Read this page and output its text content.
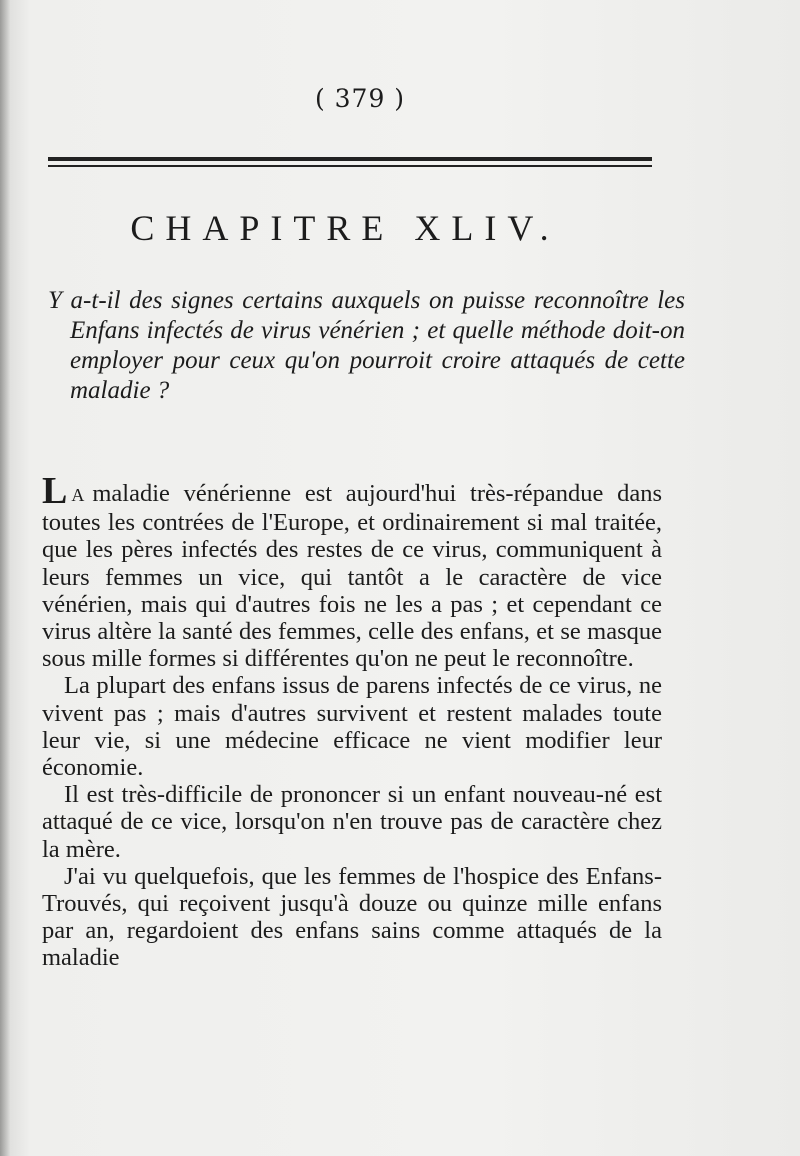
( 379 )
CHAPITRE XLIV.
Y a-t-il des signes certains auxquels on puisse reconnoître les Enfans infectés de virus vénérien ; et quelle méthode doit-on employer pour ceux qu'on pourroit croire attaqués de cette maladie ?

L A maladie vénérienne est aujourd'hui très-répandue dans toutes les contrées de l'Europe, et ordinairement si mal traitée, que les pères infectés des restes de ce virus, communiquent à leurs femmes un vice, qui tantôt a le caractère de vice vénérien, mais qui d'autres fois ne les a pas ; et cependant ce virus altère la santé des femmes, celle des enfans, et se masque sous mille formes si différentes qu'on ne peut le reconnoître.

La plupart des enfans issus de parens infectés de ce virus, ne vivent pas ; mais d'autres survivent et restent malades toute leur vie, si une médecine efficace ne vient modifier leur économie.

Il est très-difficile de prononcer si un enfant nouveau-né est attaqué de ce vice, lorsqu'on n'en trouve pas de caractère chez la mère.

J'ai vu quelquefois, que les femmes de l'hospice des Enfans-Trouvés, qui reçoivent jusqu'à douze ou quinze mille enfans par an, regardoient des enfans sains comme attaqués de la maladie
